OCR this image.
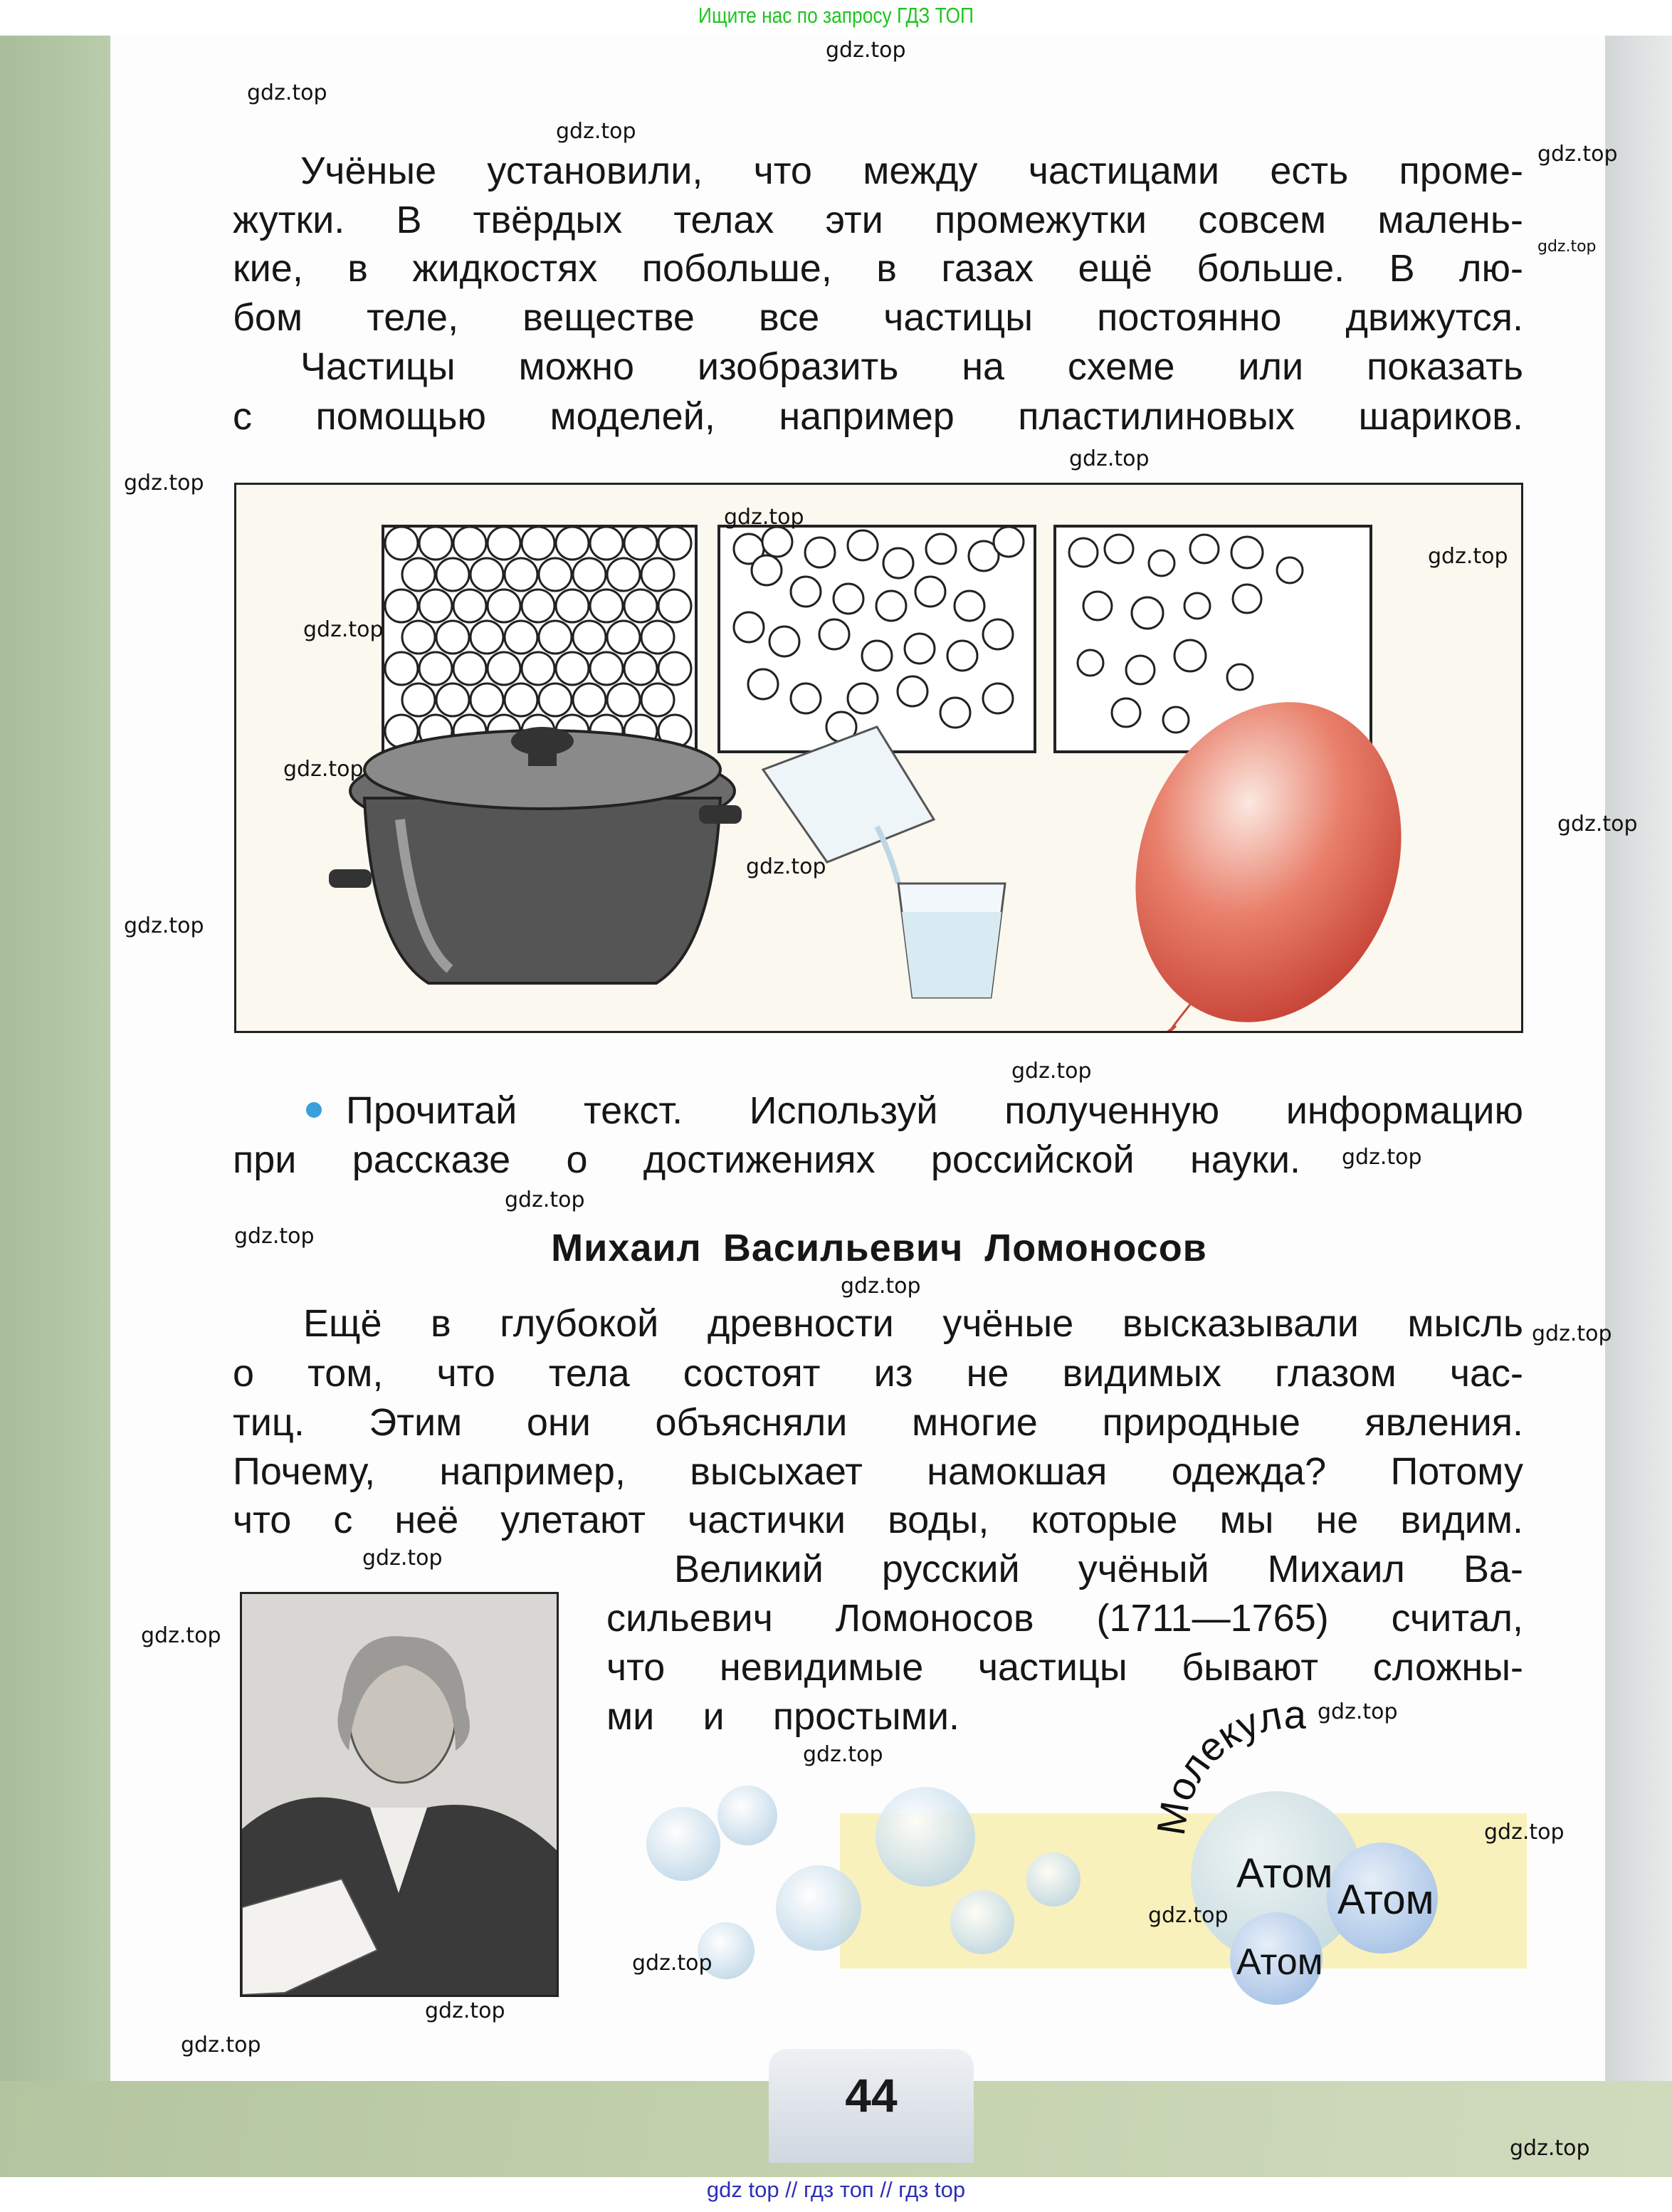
Ищите нас по запросу ГДЗ ТОП
Учёные установили, что между частицами есть проме-
жутки. В твёрдых телах эти промежутки совсем малень-
кие, в жидкостях побольше, в газах ещё больше. В лю-
бом теле, веществе все частицы постоянно движутся.
Частицы можно изобразить на схеме или показать
с помощью моделей, например пластилиновых шариков.
Прочитай текст. Используй полученную информацию
при рассказе о достижениях российской науки.
Михаил Васильевич Ломоносов
Ещё в глубокой древности учёные высказывали мысль
о том, что тела состоят из не видимых глазом час-
тиц. Этим они объясняли многие природные явления.
Почему, например, высыхает намокшая одежда? Потому
что с неё улетают частички воды, которые мы не видим.
Великий русский учёный Михаил Ва-
сильевич Ломоносов (1711—1765) считал,
что невидимые частицы бывают сложны-
ми и простыми.
Молекула
Атом
Атом
Атом
44
gdz top // гдз топ // гдз top
gdz.top
gdz.top
gdz.top
gdz.top
gdz.top
gdz.top
gdz.top
gdz.top
gdz.top
gdz.top
gdz.top
gdz.top
gdz.top
gdz.top
gdz.top
gdz.top
gdz.top
gdz.top
gdz.top
gdz.top
gdz.top
gdz.top
gdz.top
gdz.top
gdz.top
gdz.top
gdz.top
gdz.top
gdz.top
gdz.top
